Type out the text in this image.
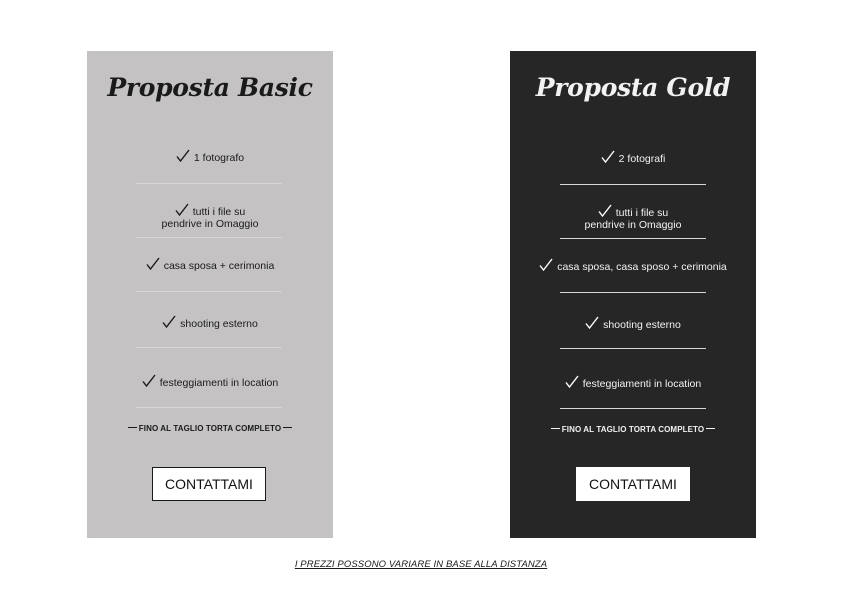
Proposta Basic
1 fotografo
tutti i file su
pendrive in Omaggio
casa sposa + cerimonia
shooting esterno
festeggiamenti in location
FINO AL TAGLIO TORTA COMPLETO
CONTATTAMI
Proposta Gold
2 fotografi
tutti i file su
pendrive in Omaggio
casa sposa, casa sposo + cerimonia
shooting esterno
festeggiamenti in location
FINO AL TAGLIO TORTA COMPLETO
CONTATTAMI
I PREZZI POSSONO VARIARE IN BASE ALLA DISTANZA
